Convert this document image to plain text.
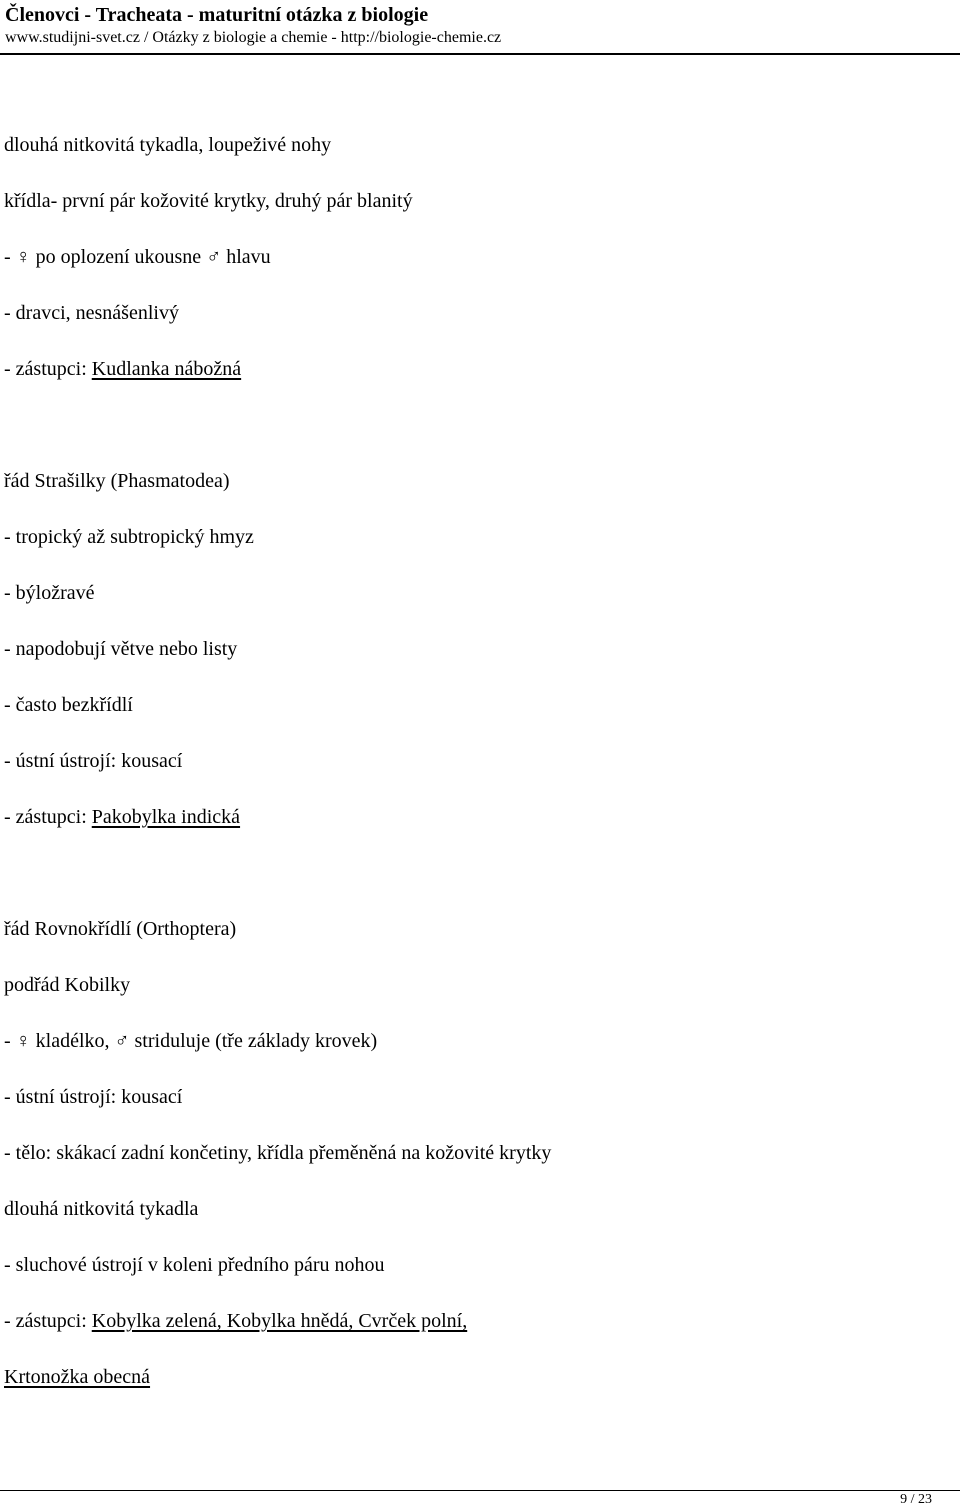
Členovci - Tracheata - maturitní otázka z biologie
www.studijni-svet.cz / Otázky z biologie a chemie - http://biologie-chemie.cz
dlouhá nitkovitá tykadla, loupeživé nohy
křídla- první pár kožovité krytky, druhý pár blanitý
- ♀ po oplození ukousne ♂ hlavu
- dravci, nesnášenlivý
- zástupci: Kudlanka nábožná
řád Strašilky (Phasmatodea)
- tropický až subtropický hmyz
- býložravé
- napodobují větve nebo listy
- často bezkřídlí
- ústní ústrojí: kousací
- zástupci: Pakobylka indická
řád Rovnokřídlí (Orthoptera)
podřád Kobilky
- ♀ kladélko, ♂ striduluje (tře základy krovek)
- ústní ústrojí: kousací
- tělo: skákací zadní končetiny, křídla přeměněná na kožovité krytky
dlouhá nitkovitá tykadla
- sluchové ústrojí v koleni předního páru nohou
- zástupci: Kobylka zelená, Kobylka hnědá, Cvrček polní,
Krtonožka obecná
9 / 23
